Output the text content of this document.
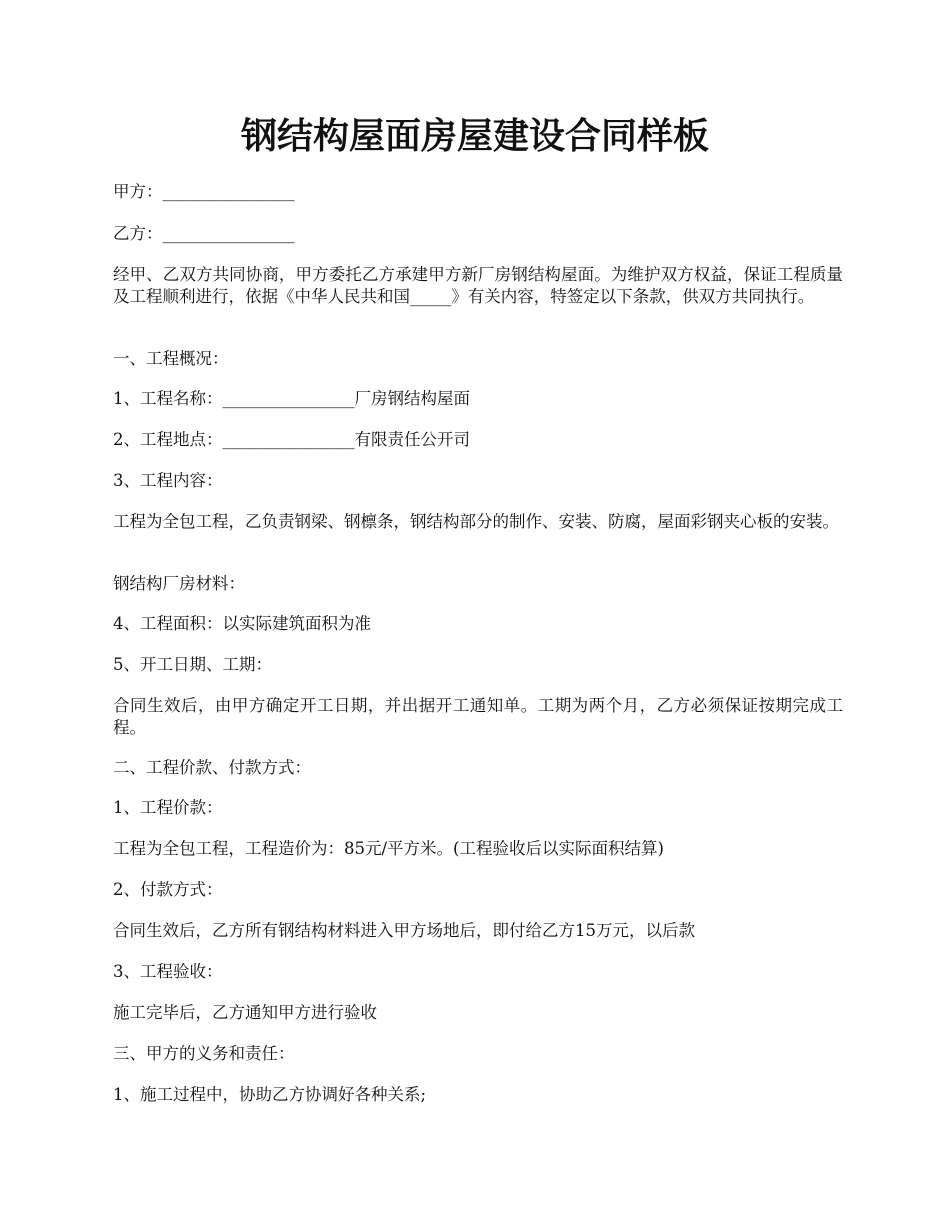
钢结构屋面房屋建设合同样板

甲方：________________

乙方：________________

经甲、乙双方共同协商，甲方委托乙方承建甲方新厂房钢结构屋面。为维护双方权益，保证工程质量及工程顺利进行，依据《中华人民共和国_____》有关内容，特签定以下条款，供双方共同执行。

一、工程概况：

1、工程名称：________________厂房钢结构屋面

2、工程地点：________________有限责任公开司

3、工程内容：

工程为全包工程，乙负责钢梁、钢檩条，钢结构部分的制作、安装、防腐，屋面彩钢夹心板的安装。

钢结构厂房材料：

4、工程面积：以实际建筑面积为准

5、开工日期、工期：

合同生效后，由甲方确定开工日期，并出据开工通知单。工期为两个月，乙方必须保证按期完成工程。

二、工程价款、付款方式：

1、工程价款：

工程为全包工程，工程造价为：85元/平方米。(工程验收后以实际面积结算)

2、付款方式：

合同生效后，乙方所有钢结构材料进入甲方场地后，即付给乙方15万元，以后款

3、工程验收：

施工完毕后，乙方通知甲方进行验收

三、甲方的义务和责任：

1、施工过程中，协助乙方协调好各种关系;
